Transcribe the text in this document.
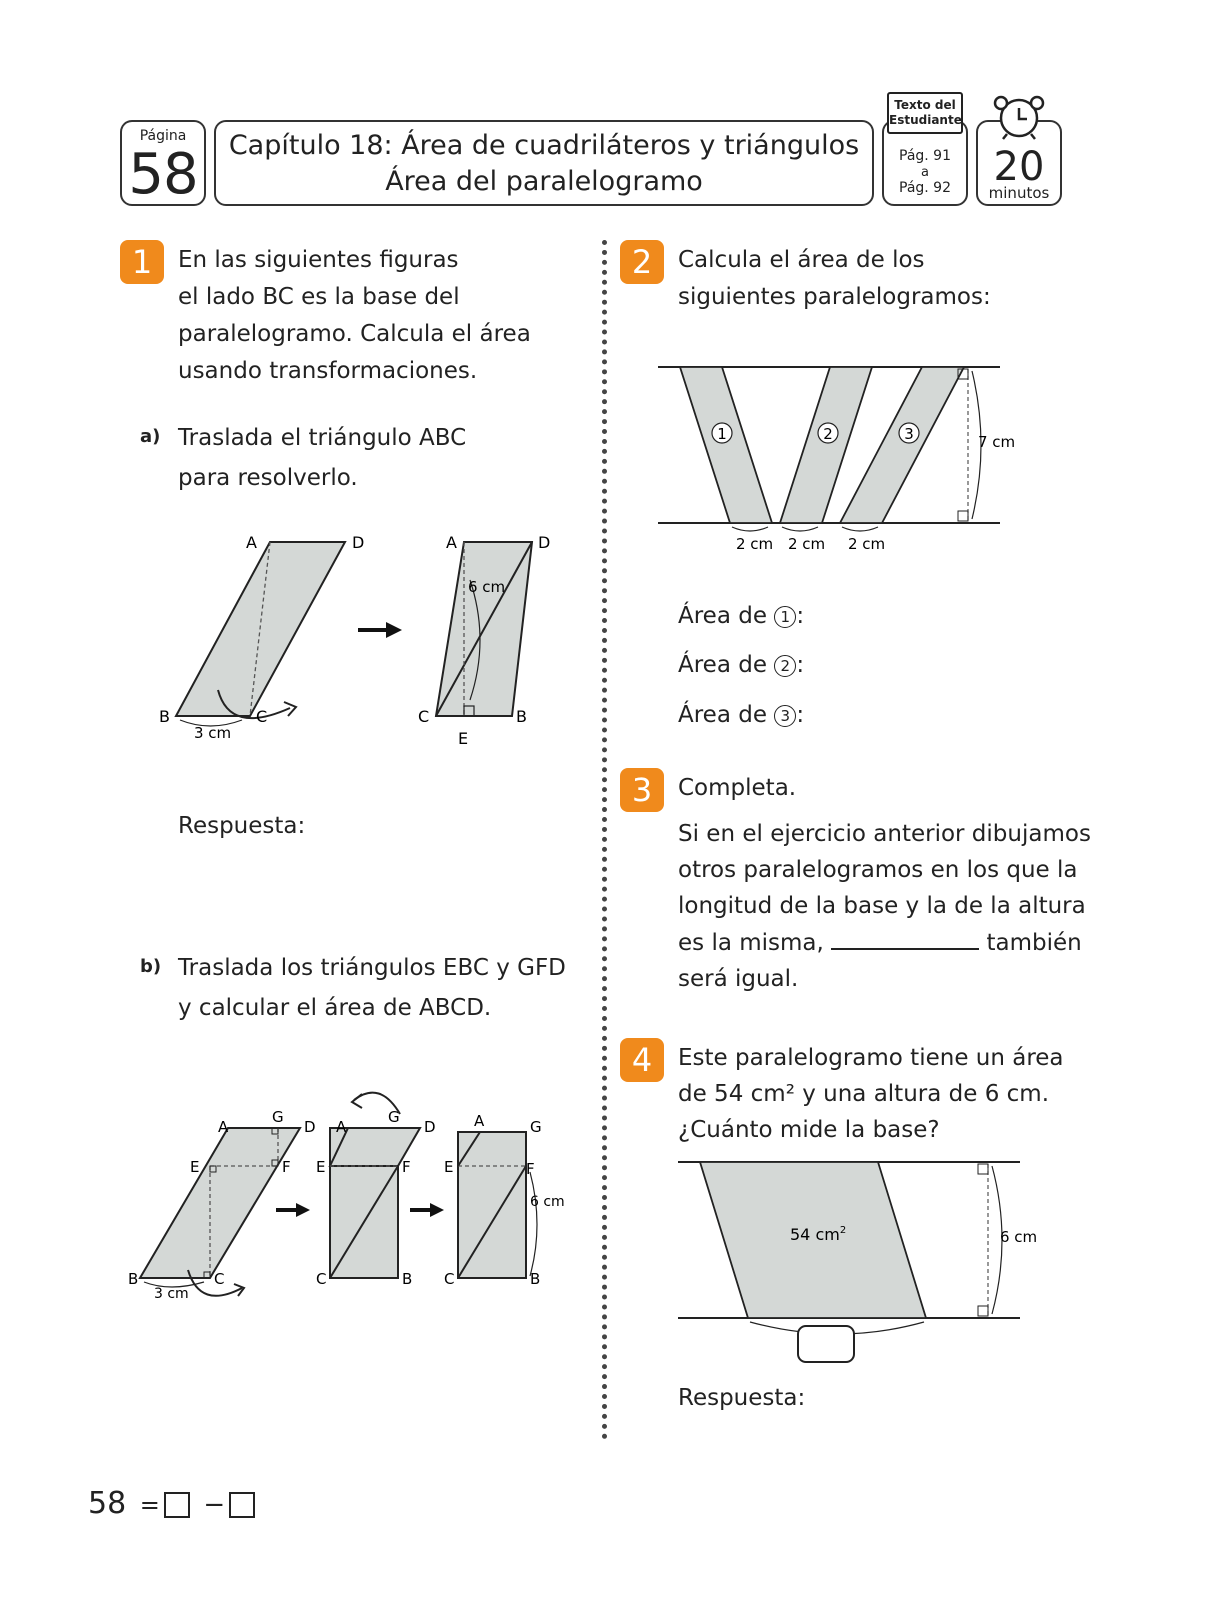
Página
58	Capítulo 18: Área de cuadriláteros y triángulos
Área del paralelogramo
Pág. 91
a
Pág. 92
Texto del
Estudiante
20
minutos
1	En las siguientes figuras
el lado BC es la base del
paralelogramo. Calcula el área
usando transformaciones.
a) Traslada el triángulo ABC
para resolverlo.
A	D
B	C
3 cm
A	D
C	B
E
6 cm
Respuesta:
b) Traslada los triángulos EBC y GFD
y calcular el área de ABCD.
A
G
D
E	F
B	C
3 cm
A
G
D
E	F
C	B
A	G
E	F
C	B
6 cm
2	Calcula el área de los
siguientes paralelogramos:
1	2	3	7 cm
2 cm 2 cm 2 cm
Área de 1 :
Área de 2 :
Área de 3 :
3	Completa.
Si en el ejercicio anterior dibujamos
otros paralelogramos en los que la
longitud de la base y la de la altura
es la misma,	también
será igual.
4	Este paralelogramo tiene un área
de 54 cm² y una altura de 6 cm.
¿Cuánto mide la base?
54 $cm^2$	6 cm
Respuesta:
58 = −
